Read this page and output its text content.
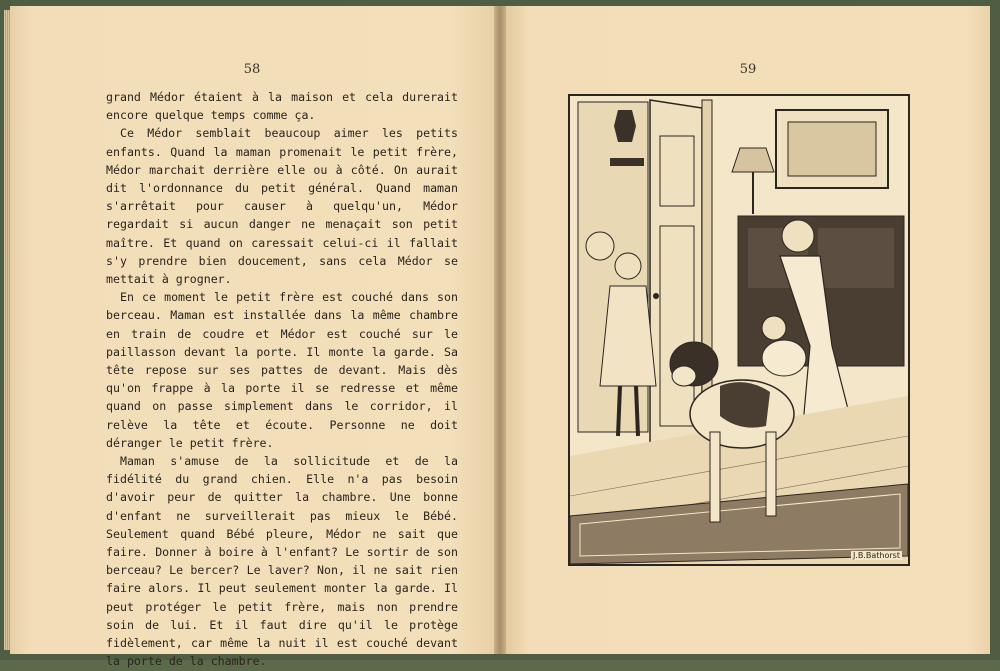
58

grand Médor étaient à la maison et cela durerait encore quelque temps comme ça.

Ce Médor semblait beaucoup aimer les petits enfants. Quand la maman promenait le petit frère, Médor marchait derrière elle ou à côté. On aurait dit l'ordonnance du petit général. Quand maman s'arrêtait pour causer à quelqu'un, Médor regardait si aucun danger ne menaçait son petit maître. Et quand on caressait celui-ci il fallait s'y prendre bien doucement, sans cela Médor se mettait à grogner.

En ce moment le petit frère est couché dans son berceau. Maman est installée dans la même chambre en train de coudre et Médor est couché sur le paillasson devant la porte. Il monte la garde. Sa tête repose sur ses pattes de devant. Mais dès qu'on frappe à la porte il se redresse et même quand on passe simplement dans le corridor, il relève la tête et écoute. Personne ne doit déranger le petit frère.

Maman s'amuse de la sollicitude et de la fidélité du grand chien. Elle n'a pas besoin d'avoir peur de quitter la chambre. Une bonne d'enfant ne surveillerait pas mieux le Bébé. Seulement quand Bébé pleure, Médor ne sait que faire. Donner à boire à l'enfant? Le sortir de son berceau? Le bercer? Le laver? Non, il ne sait rien faire alors. Il peut seulement monter la garde. Il peut protéger le petit frère, mais non prendre soin de lui. Et il faut dire qu'il le protège fidèlement, car même la nuit il est couché devant la porte de la chambre.

59
J.B.Bathorst
